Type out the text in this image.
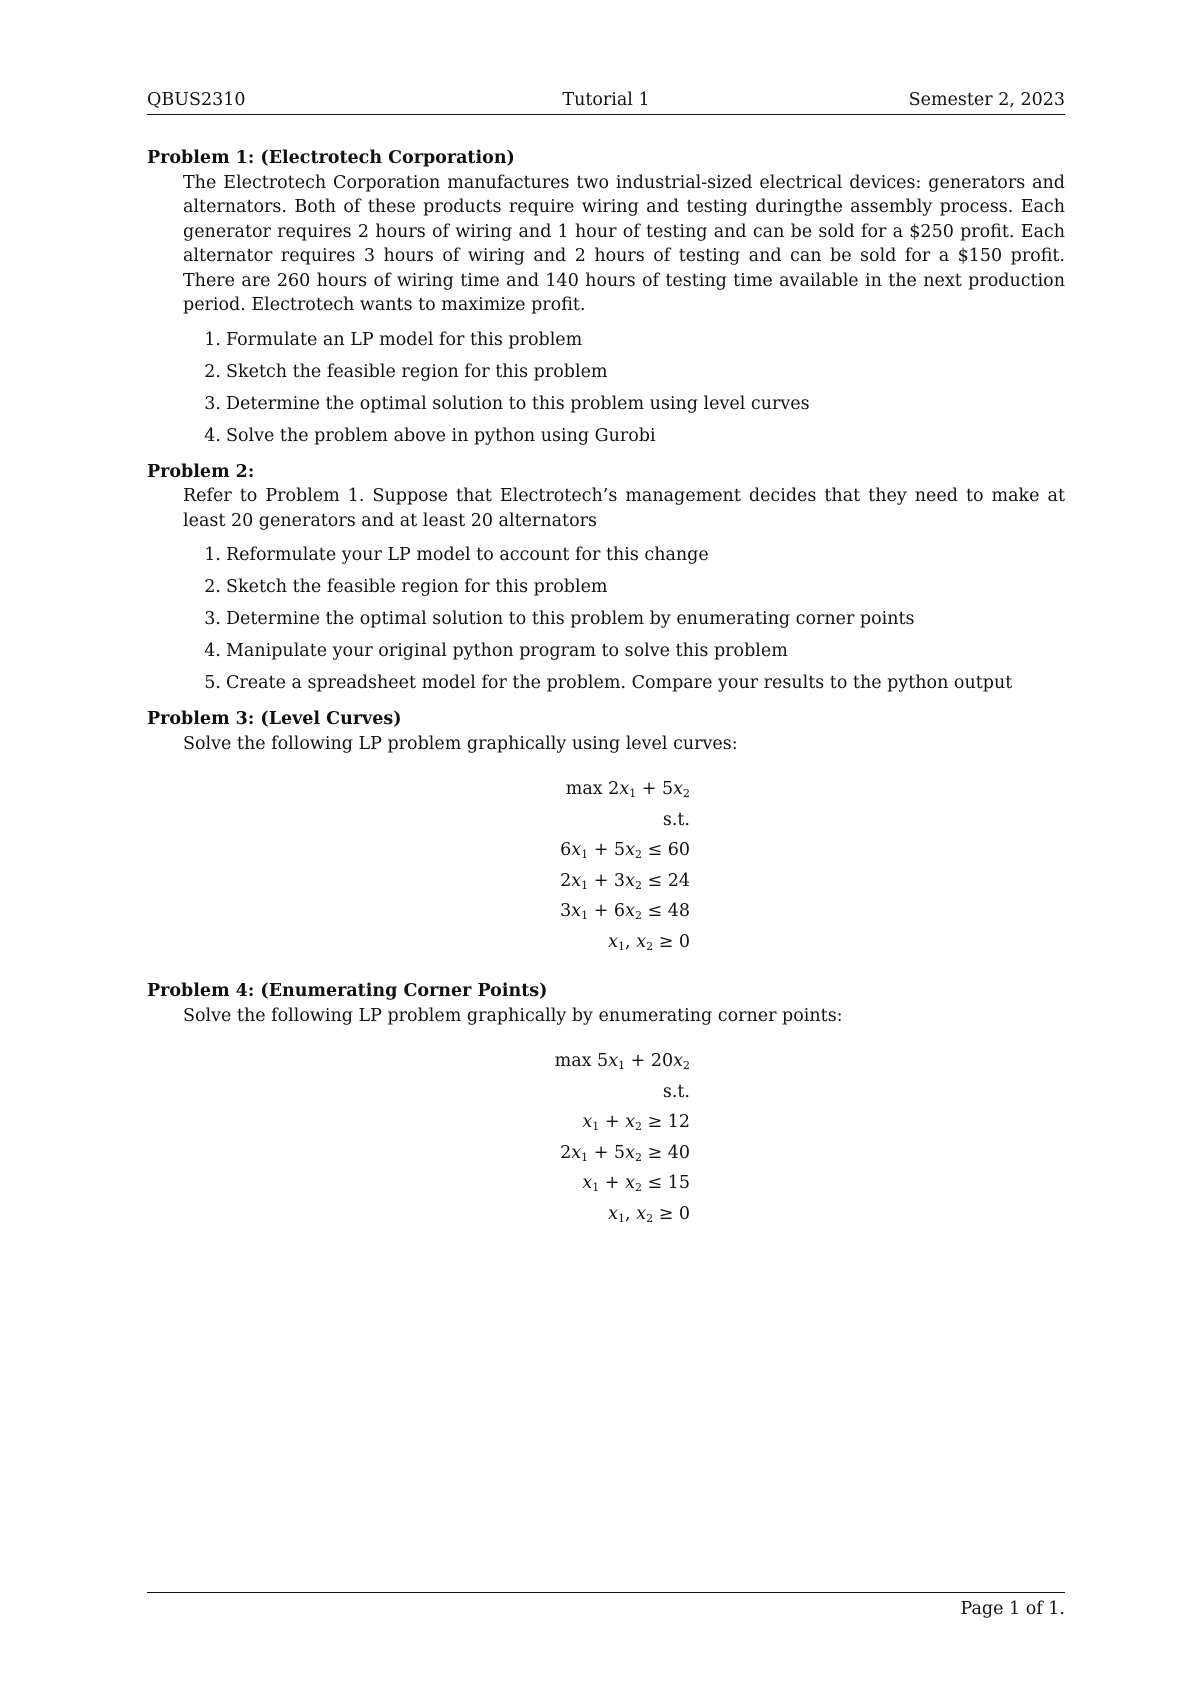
QBUS2310	Tutorial 1	Semester 2, 2023

Problem 1: (Electrotech Corporation)

The Electrotech Corporation manufactures two industrial-sized electrical devices: generators and alternators. Both of these products require wiring and testing duringthe assembly process. Each generator requires 2 hours of wiring and 1 hour of testing and can be sold for a $250 profit. Each alternator requires 3 hours of wiring and 2 hours of testing and can be sold for a $150 profit. There are 260 hours of wiring time and 140 hours of testing time available in the next production period. Electrotech wants to maximize profit.

1. Formulate an LP model for this problem
2. Sketch the feasible region for this problem
3. Determine the optimal solution to this problem using level curves
4. Solve the problem above in python using Gurobi

Problem 2:

Refer to Problem 1. Suppose that Electrotech’s management decides that they need to make at least 20 generators and at least 20 alternators

1. Reformulate your LP model to account for this change
2. Sketch the feasible region for this problem
3. Determine the optimal solution to this problem by enumerating corner points
4. Manipulate your original python program to solve this problem
5. Create a spreadsheet model for the problem. Compare your results to the python output

Problem 3: (Level Curves)

Solve the following LP problem graphically using level curves:

$\max 2x_1 + 5x_2$
s.t.
$6x_1 + 5x_2 \le 60$
$2x_1 + 3x_2 \le 24$
$3x_1 + 6x_2 \le 48$
$x_1$, $x_2 \ge 0$

Problem 4: (Enumerating Corner Points)

Solve the following LP problem graphically by enumerating corner points:

$\max 5x_1 + 20x_2$
s.t.
$x_1 + x_2 \ge 12$
$2x_1 + 5x_2 \ge 40$
$x_1 + x_2 \le 15$
$x_1$, $x_2 \ge 0$
Page 1 of 1.
